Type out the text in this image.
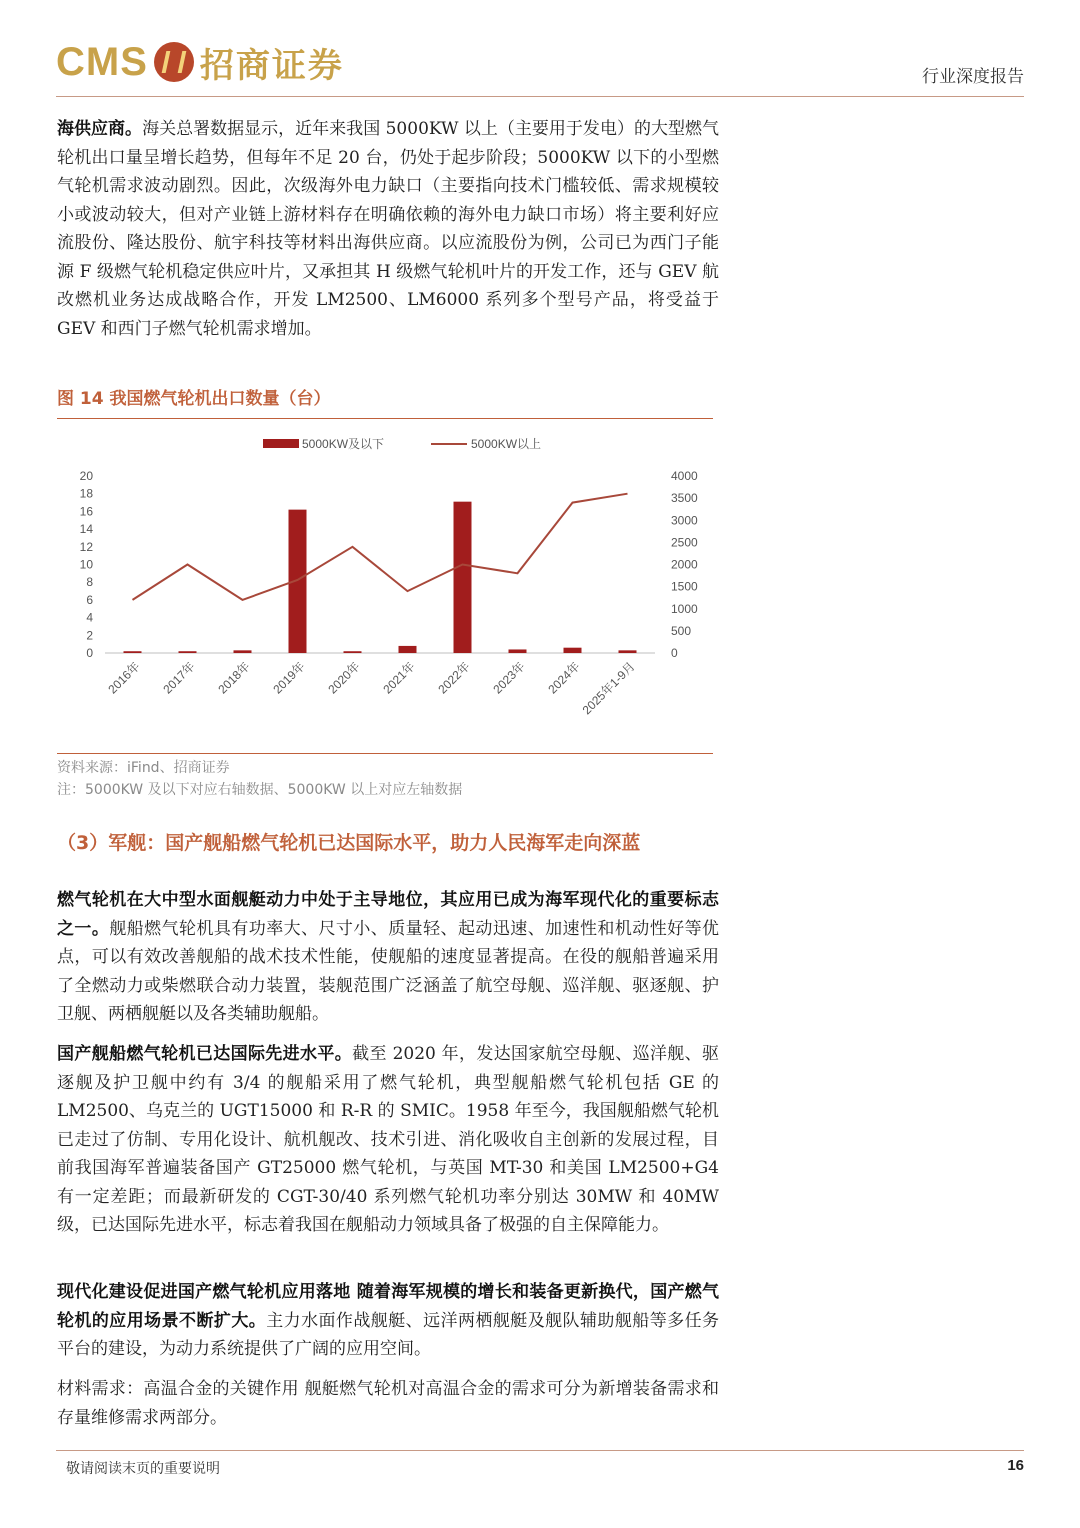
CMS 招商证券	行业深度报告
海供应商。海关总署数据显示，近年来我国 5000KW 以上（主要用于发电）的大型燃气轮机出口量呈增长趋势，但每年不足 20 台，仍处于起步阶段；5000KW 以下的小型燃气轮机需求波动剧烈。因此，次级海外电力缺口（主要指向技术门槛较低、需求规模较小或波动较大，但对产业链上游材料存在明确依赖的海外电力缺口市场）将主要利好应流股份、隆达股份、航宇科技等材料出海供应商。以应流股份为例，公司已为西门子能源 F 级燃气轮机稳定供应叶片，又承担其 H 级燃气轮机叶片的开发工作，还与 GEV 航改燃机业务达成战略合作，开发 LM2500、LM6000 系列多个型号产品，将受益于 GEV 和西门子燃气轮机需求增加。
图 14 我国燃气轮机出口数量（台）
0
2
4
6
8
10
12
14
16
18
20
0
500
1000
1500
2000
2500
3000
3500
4000
2016年 2017年 2018年 2019年 2020年 2021年 2022年 2023年 2024年
2025年1-9月
5000KW及以下	5000KW以上
资料来源：iFind、招商证券
注：5000KW 及以下对应右轴数据、5000KW 以上对应左轴数据
（3）军舰：国产舰船燃气轮机已达国际水平，助力人民海军走向深蓝
燃气轮机在大中型水面舰艇动力中处于主导地位，其应用已成为海军现代化的重要标志之一。舰船燃气轮机具有功率大、尺寸小、质量轻、起动迅速、加速性和机动性好等优点，可以有效改善舰船的战术技术性能，使舰船的速度显著提高。在役的舰船普遍采用了全燃动力或柴燃联合动力装置，装舰范围广泛涵盖了航空母舰、巡洋舰、驱逐舰、护卫舰、两栖舰艇以及各类辅助舰船。
国产舰船燃气轮机已达国际先进水平。截至 2020 年，发达国家航空母舰、巡洋舰、驱逐舰及护卫舰中约有 3/4 的舰船采用了燃气轮机，典型舰船燃气轮机包括 GE 的 LM2500、乌克兰的 UGT15000 和 R-R 的 SMIC。1958 年至今，我国舰船燃气轮机已走过了仿制、专用化设计、航机舰改、技术引进、消化吸收自主创新的发展过程，目前我国海军普遍装备国产 GT25000 燃气轮机，与英国 MT-30 和美国 LM2500+G4 有一定差距；而最新研发的 CGT-30/40 系列燃气轮机功率分别达 30MW 和 40MW 级，已达国际先进水平，标志着我国在舰船动力领域具备了极强的自主保障能力。
现代化建设促进国产燃气轮机应用落地 随着海军规模的增长和装备更新换代，国产燃气轮机的应用场景不断扩大。主力水面作战舰艇、远洋两栖舰艇及舰队辅助舰船等多任务平台的建设，为动力系统提供了广阔的应用空间。
材料需求：高温合金的关键作用 舰艇燃气轮机对高温合金的需求可分为新增装备需求和存量维修需求两部分。
敬请阅读末页的重要说明	16
